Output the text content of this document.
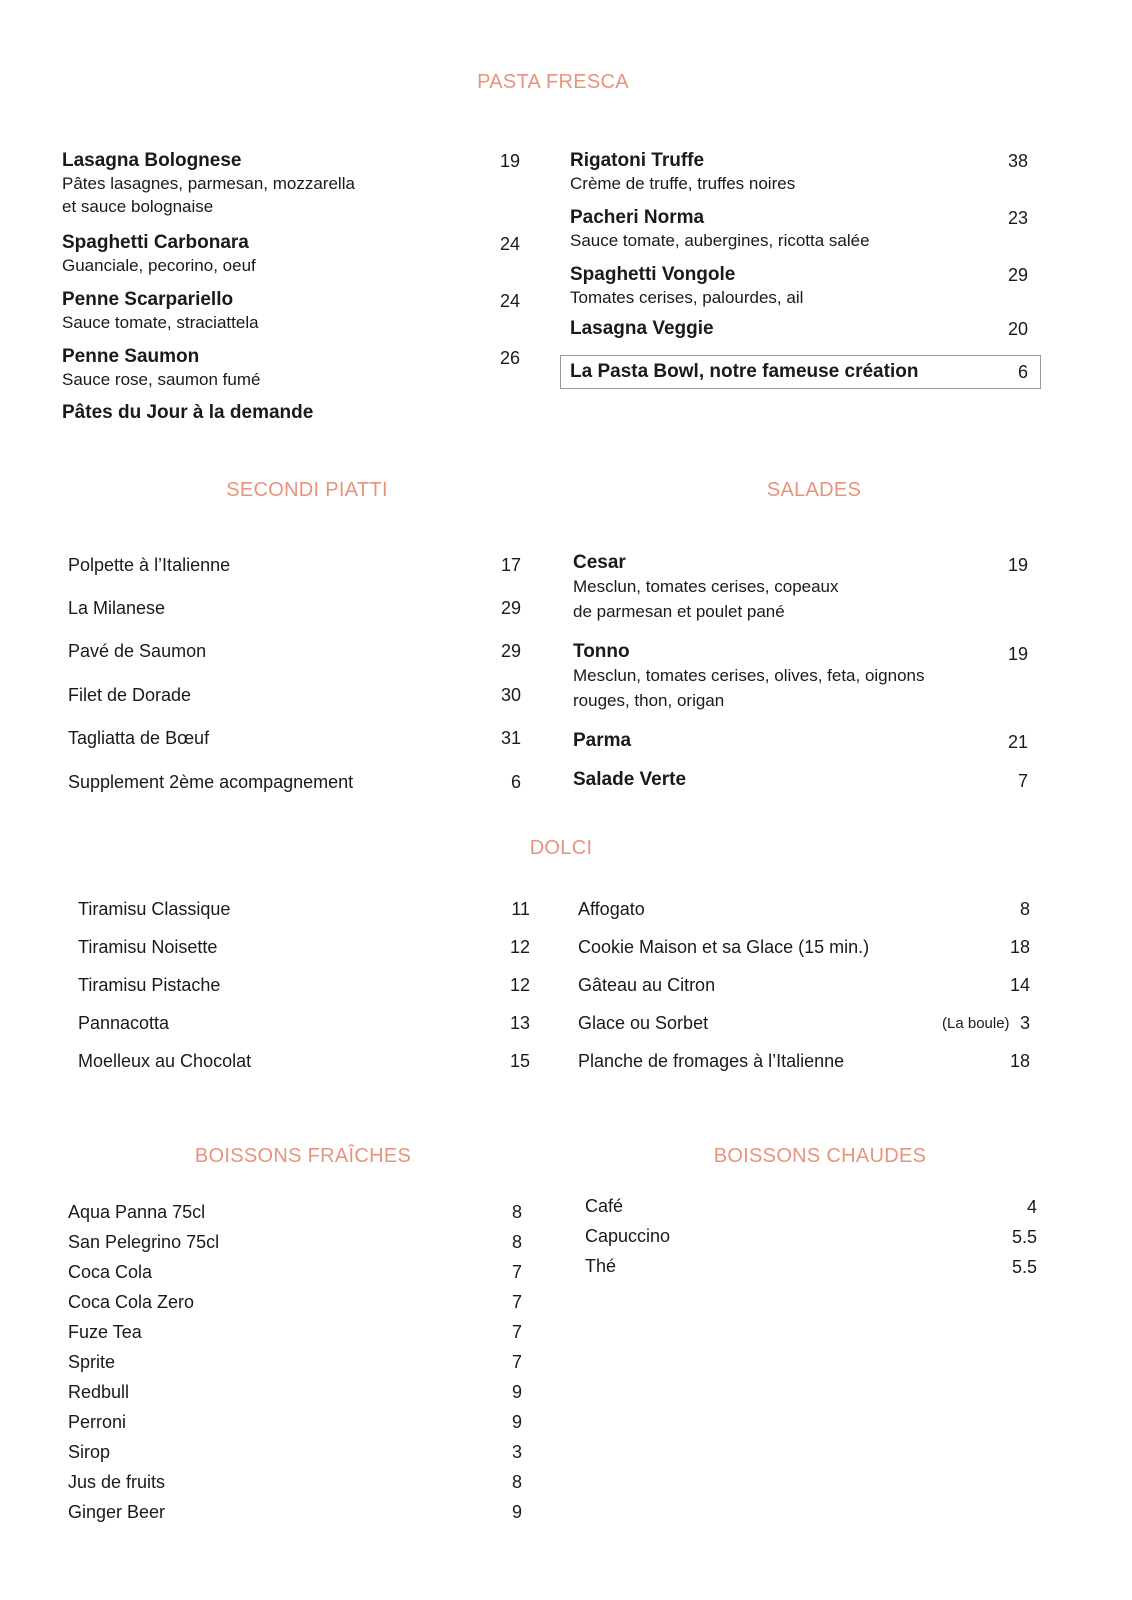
PASTA FRESCA
SECONDI PIATTI	SALADES
DOLCI
BOISSONS FRAÎCHES	BOISSONS CHAUDES
Lasagna Bolognese
Pâtes lasagnes, parmesan, mozzarella
et sauce bolognaise
19
Spaghetti Carbonara
Guanciale, pecorino, oeuf
24
Penne Scarpariello
Sauce tomate, straciattela
24
Penne Saumon
Sauce rose, saumon fumé
26
Pâtes du Jour à la demande
Rigatoni Truffe
Crème de truffe, truffes noires
38
Pacheri Norma
Sauce tomate, aubergines, ricotta salée
23
Spaghetti Vongole
Tomates cerises, palourdes, ail
29
Lasagna Veggie	20
La Pasta Bowl, notre fameuse création	6
Polpette à l’Italienne	17
La Milanese	29
Pavé de Saumon	29
Filet de Dorade	30
Tagliatta de Bœuf	31
Supplement 2ème acompagnement	6
Cesar
Mesclun, tomates cerises, copeaux
de parmesan et poulet pané
19
Tonno
Mesclun, tomates cerises, olives, feta, oignons
rouges, thon, origan
19
Parma	21
Salade Verte	7
Tiramisu Classique	11
Tiramisu Noisette	12
Tiramisu Pistache	12
Pannacotta	13
Moelleux au Chocolat	15
Affogato	8
Cookie Maison et sa Glace (15 min.)	18
Gâteau au Citron	14
Glace ou Sorbet	(La boule) 3
Planche de fromages à l’Italienne	18
Aqua Panna 75cl	8
San Pelegrino 75cl	8
Coca Cola	7
Coca Cola Zero	7
Fuze Tea	7
Sprite	7
Redbull	9
Perroni	9
Sirop	3
Jus de fruits	8
Ginger Beer	9
Café	4
Capuccino	5.5
Thé	5.5
